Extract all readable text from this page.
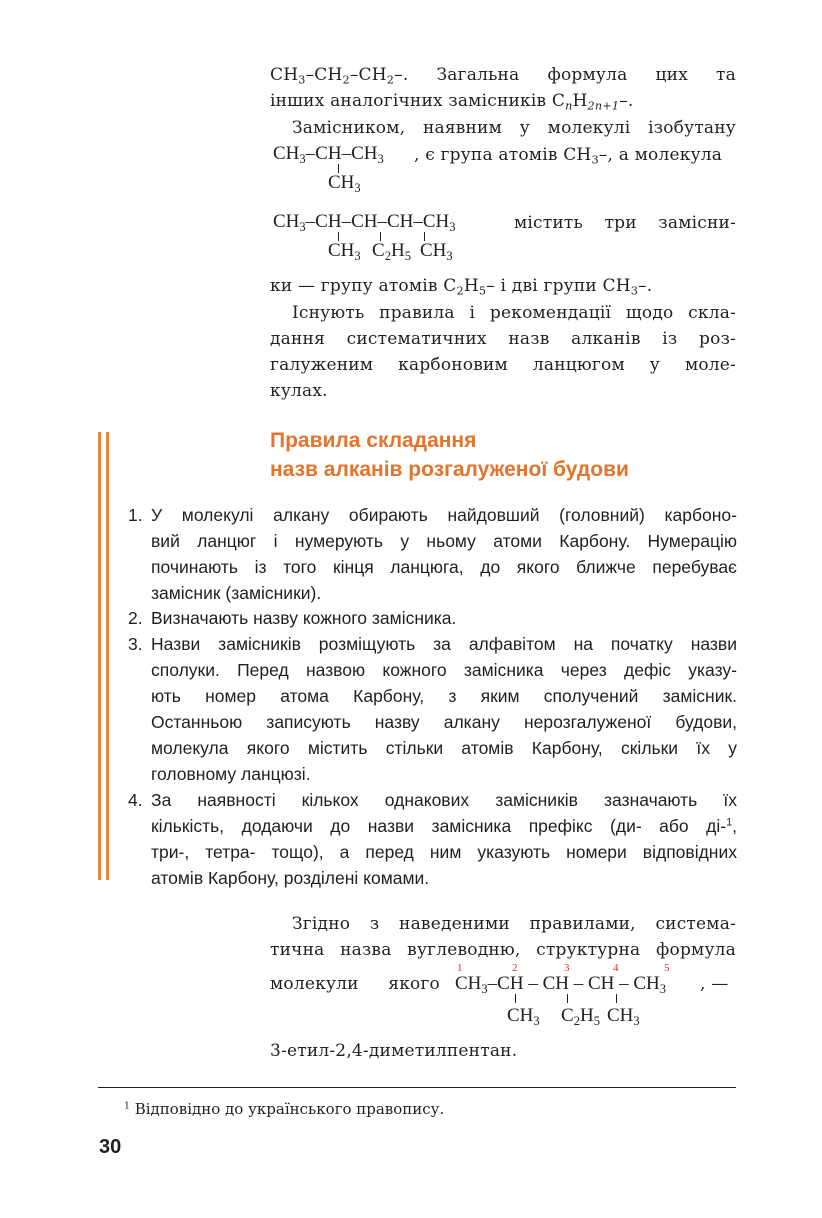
$CH_3-CH_2-CH_2-$. Загальна формула цих та
інших аналогічних замісників $C_nH_{2n+1}-$.
Замісником, наявним у молекулі ізобутану
$CH_3-CH-CH_3$
$CH_3$
, є група атомів $CH_3-$, а молекула
$CH_3-CH-CH-CH-CH_3$
$CH_3$ $C_2H_5$ $CH_3$
містить три замісни-
ки — групу атомів $C_2H_5-$ і дві групи $CH_3-$.
Існують правила і рекомендації щодо скла-
дання систематичних назв алканів із роз-
галуженим карбоновим ланцюгом у моле-
кулах.
Правила складання
назв алканів розгалуженої будови
1. У молекулі алкану обирають найдовший (головний) карбоно-
вий ланцюг і нумерують у ньому атоми Карбону. Нумерацію
починають із того кінця ланцюга, до якого ближче перебуває
замісник (замісники).
2. Визначають назву кожного замісника.
3. Назви замісників розміщують за алфавітом на початку назви
сполуки. Перед назвою кожного замісника через дефіс указу-
ють номер атома Карбону, з яким сполучений замісник.
Останньою записують назву алкану нерозгалуженої будови,
молекула якого містить стільки атомів Карбону, скільки їх у
головному ланцюзі.
4. За наявності кількох однакових замісників зазначають їх
кількість, додаючи до назви замісника префікс (ди- або ді-$^1$,
три-, тетра- тощо), а перед ним указують номери відповідних
атомів Карбону, розділені комами.
Згідно з наведеними правилами, система-
тична назва вуглеводню, структурна формула
молекули якого
1	2	3	4	5
$CH_3-CH$ – CH – CH – $CH_3$ , —
$CH_3$ $C_2H_5$ $CH_3$
3-етил-2,4-диметилпентан.
$^1$ Відповідно до українського правопису.
30
